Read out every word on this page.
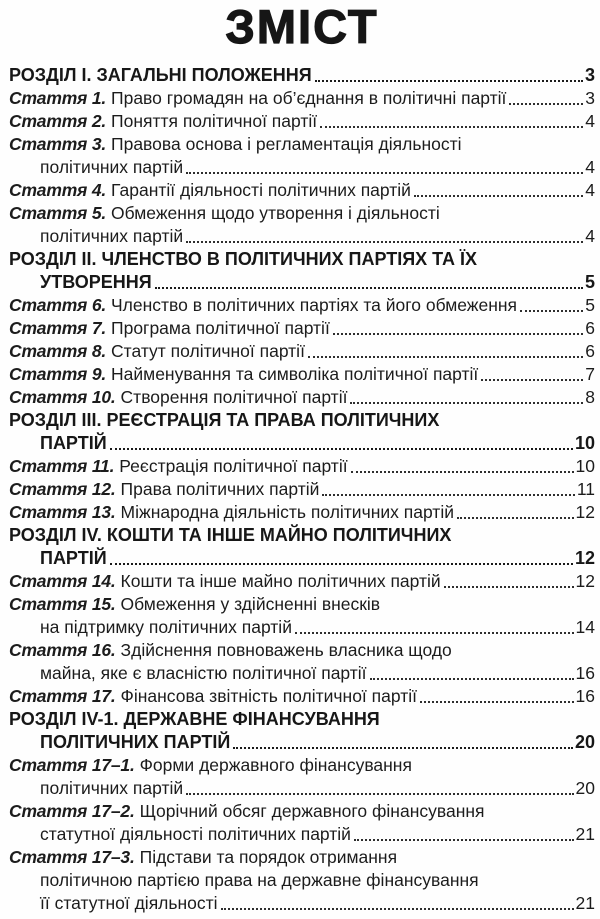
ЗМІСТ
РОЗДІЛ I. ЗАГАЛЬНІ ПОЛОЖЕННЯ	3
Стаття 1. Право громадян на об’єднання в політичні партії	3
Стаття 2. Поняття політичної партії	4
Стаття 3. Правова основа і регламентація діяльності
політичних партій	4
Стаття 4. Гарантії діяльності політичних партій	4
Стаття 5. Обмеження щодо утворення і діяльності
політичних партій	4
РОЗДІЛ II. ЧЛЕНСТВО В ПОЛІТИЧНИХ ПАРТІЯХ ТА ЇХ
УТВОРЕННЯ	5
Стаття 6. Членство в політичних партіях та його обмеження	5
Стаття 7. Програма політичної партії	6
Стаття 8. Статут політичної партії	6
Стаття 9. Найменування та символіка політичної партії	7
Стаття 10. Створення політичної партії	8
РОЗДІЛ III. РЕЄСТРАЦІЯ ТА ПРАВА ПОЛІТИЧНИХ
ПАРТІЙ	10
Стаття 11. Реєстрація політичної партії	10
Стаття 12. Права політичних партій	11
Стаття 13. Міжнародна діяльність політичних партій	12
РОЗДІЛ IV. КОШТИ ТА ІНШЕ МАЙНО ПОЛІТИЧНИХ
ПАРТІЙ	12
Стаття 14. Кошти та інше майно політичних партій	12
Стаття 15. Обмеження у здійсненні внесків
на підтримку політичних партій	14
Стаття 16. Здійснення повноважень власника щодо
майна, яке є власністю політичної партії	16
Стаття 17. Фінансова звітність політичної партії	16
РОЗДІЛ IV-1. ДЕРЖАВНЕ ФІНАНСУВАННЯ
ПОЛІТИЧНИХ ПАРТІЙ	20
Стаття 17–1. Форми державного фінансування
політичних партій	20
Стаття 17–2. Щорічний обсяг державного фінансування
статутної діяльності політичних партій	21
Стаття 17–3. Підстави та порядок отримання
політичною партією права на державне фінансування
її статутної діяльності	21
